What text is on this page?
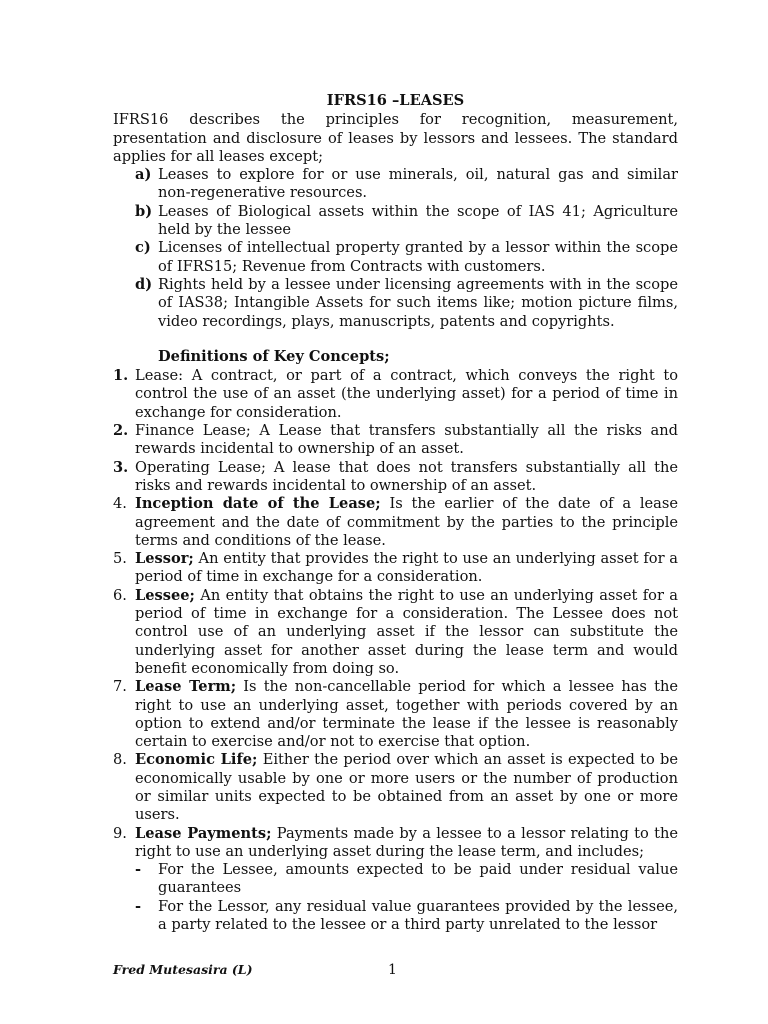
IFRS16 –LEASES

IFRS16 describes the principles for recognition, measurement, presentation and disclosure of leases by lessors and lessees. The standard applies for all leases except;

a) Leases to explore for or use minerals, oil, natural gas and similar non-regenerative resources.
b) Leases of Biological assets within the scope of IAS 41; Agriculture held by the lessee
c) Licenses of intellectual property granted by a lessor within the scope of IFRS15; Revenue from Contracts with customers.
d) Rights held by a lessee under licensing agreements with in the scope of IAS38; Intangible Assets for such items like; motion picture films, video recordings, plays, manuscripts, patents and copyrights.
Definitions of Key Concepts;
1. Lease: A contract, or part of a contract, which conveys the right to control the use of an asset (the underlying asset) for a period of time in exchange for consideration.
2. Finance Lease; A Lease that transfers substantially all the risks and rewards incidental to ownership of an asset.
3. Operating Lease; A lease that does not transfers substantially all the risks and rewards incidental to ownership of an asset.
4. Inception date of the Lease; Is the earlier of the date of a lease agreement and the date of commitment by the parties to the principle terms and conditions of the lease.
5. Lessor; An entity that provides the right to use an underlying asset for a period of time in exchange for a consideration.
6. Lessee; An entity that obtains the right to use an underlying asset for a period of time in exchange for a consideration. The Lessee does not control use of an underlying asset if the lessor can substitute the underlying asset for another asset during the lease term and would benefit economically from doing so.
7. Lease Term; Is the non-cancellable period for which a lessee has the right to use an underlying asset, together with periods covered by an option to extend and/or terminate the lease if the lessee is reasonably certain to exercise and/or not to exercise that option.
8. Economic Life; Either the period over which an asset is expected to be economically usable by one or more users or the number of production or similar units expected to be obtained from an asset by one or more users.
9. Lease Payments; Payments made by a lessee to a lessor relating to the right to use an underlying asset during the lease term, and includes;
- For the Lessee, amounts expected to be paid under residual value guarantees
- For the Lessor, any residual value guarantees provided by the lessee, a party related to the lessee or a third party unrelated to the lessor
Fred Mutesasira (L)	1
